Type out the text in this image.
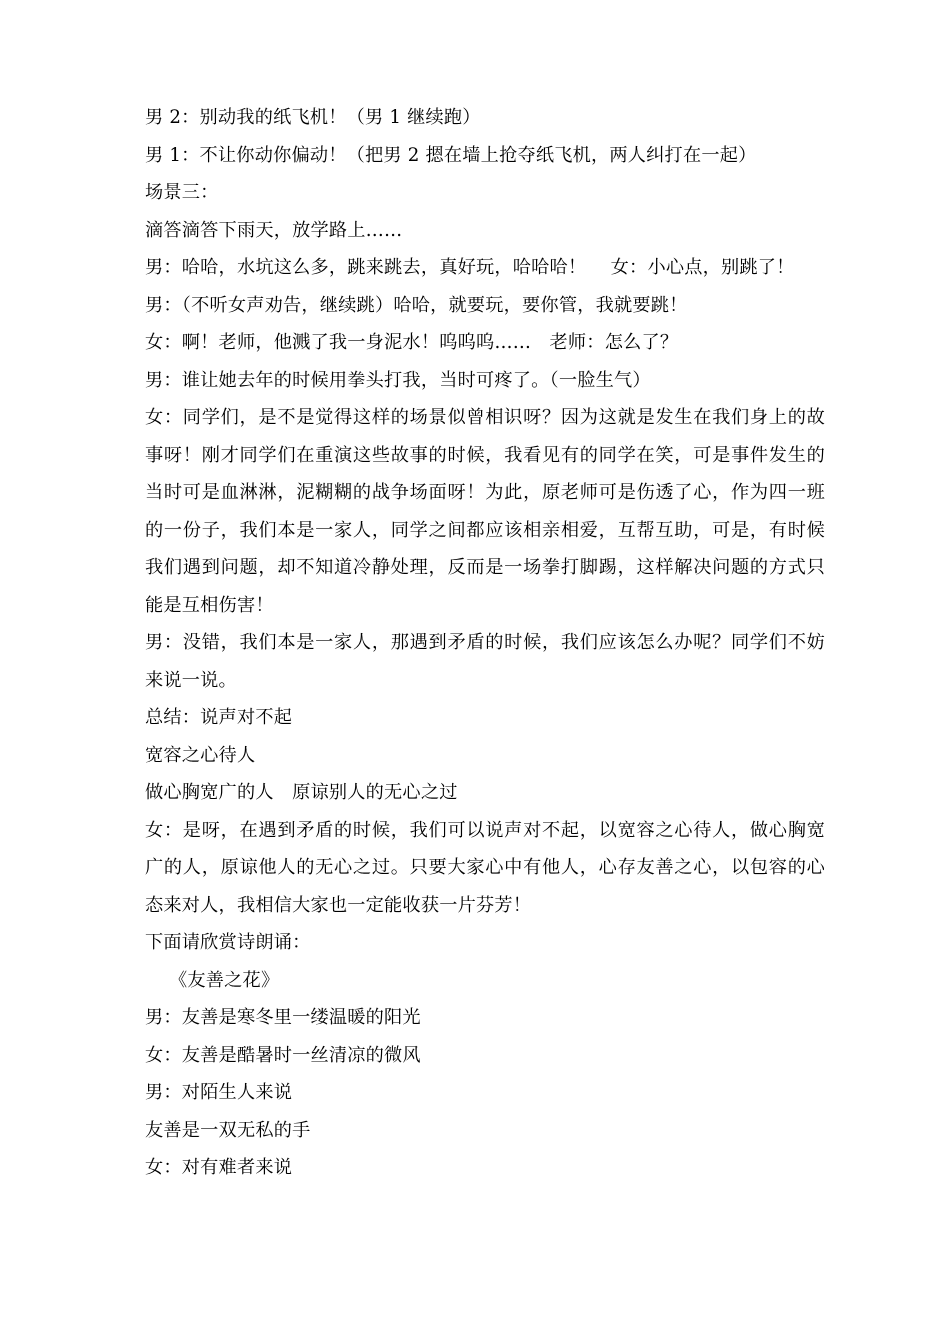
男 2：别动我的纸飞机！（男 1 继续跑）
男 1：不让你动你偏动！（把男 2 摁在墙上抢夺纸飞机，两人纠打在一起）
场景三：
滴答滴答下雨天，放学路上……
男：哈哈，水坑这么多，跳来跳去，真好玩，哈哈哈！　 女：小心点，别跳了！
男：（不听女声劝告，继续跳）哈哈，就要玩，要你管，我就要跳！
女：啊！老师，他溅了我一身泥水！呜呜呜……　老师：怎么了？
男：谁让她去年的时候用拳头打我，当时可疼了。（一脸生气）
女：同学们，是不是觉得这样的场景似曾相识呀？因为这就是发生在我们身上的故事呀！刚才同学们在重演这些故事的时候，我看见有的同学在笑，可是事件发生的当时可是血淋淋，泥糊糊的战争场面呀！为此，原老师可是伤透了心，作为四一班的一份子，我们本是一家人，同学之间都应该相亲相爱，互帮互助，可是，有时候我们遇到问题，却不知道冷静处理，反而是一场拳打脚踢，这样解决问题的方式只能是互相伤害！
男：没错，我们本是一家人，那遇到矛盾的时候，我们应该怎么办呢？同学们不妨来说一说。
总结：说声对不起
宽容之心待人
做心胸宽广的人　原谅别人的无心之过
女：是呀，在遇到矛盾的时候，我们可以说声对不起，以宽容之心待人，做心胸宽广的人，原谅他人的无心之过。只要大家心中有他人，心存友善之心，以包容的心态来对人，我相信大家也一定能收获一片芬芳！
下面请欣赏诗朗诵：
《友善之花》
男：友善是寒冬里一缕温暖的阳光
女：友善是酷暑时一丝清凉的微风
男：对陌生人来说
友善是一双无私的手
女：对有难者来说
